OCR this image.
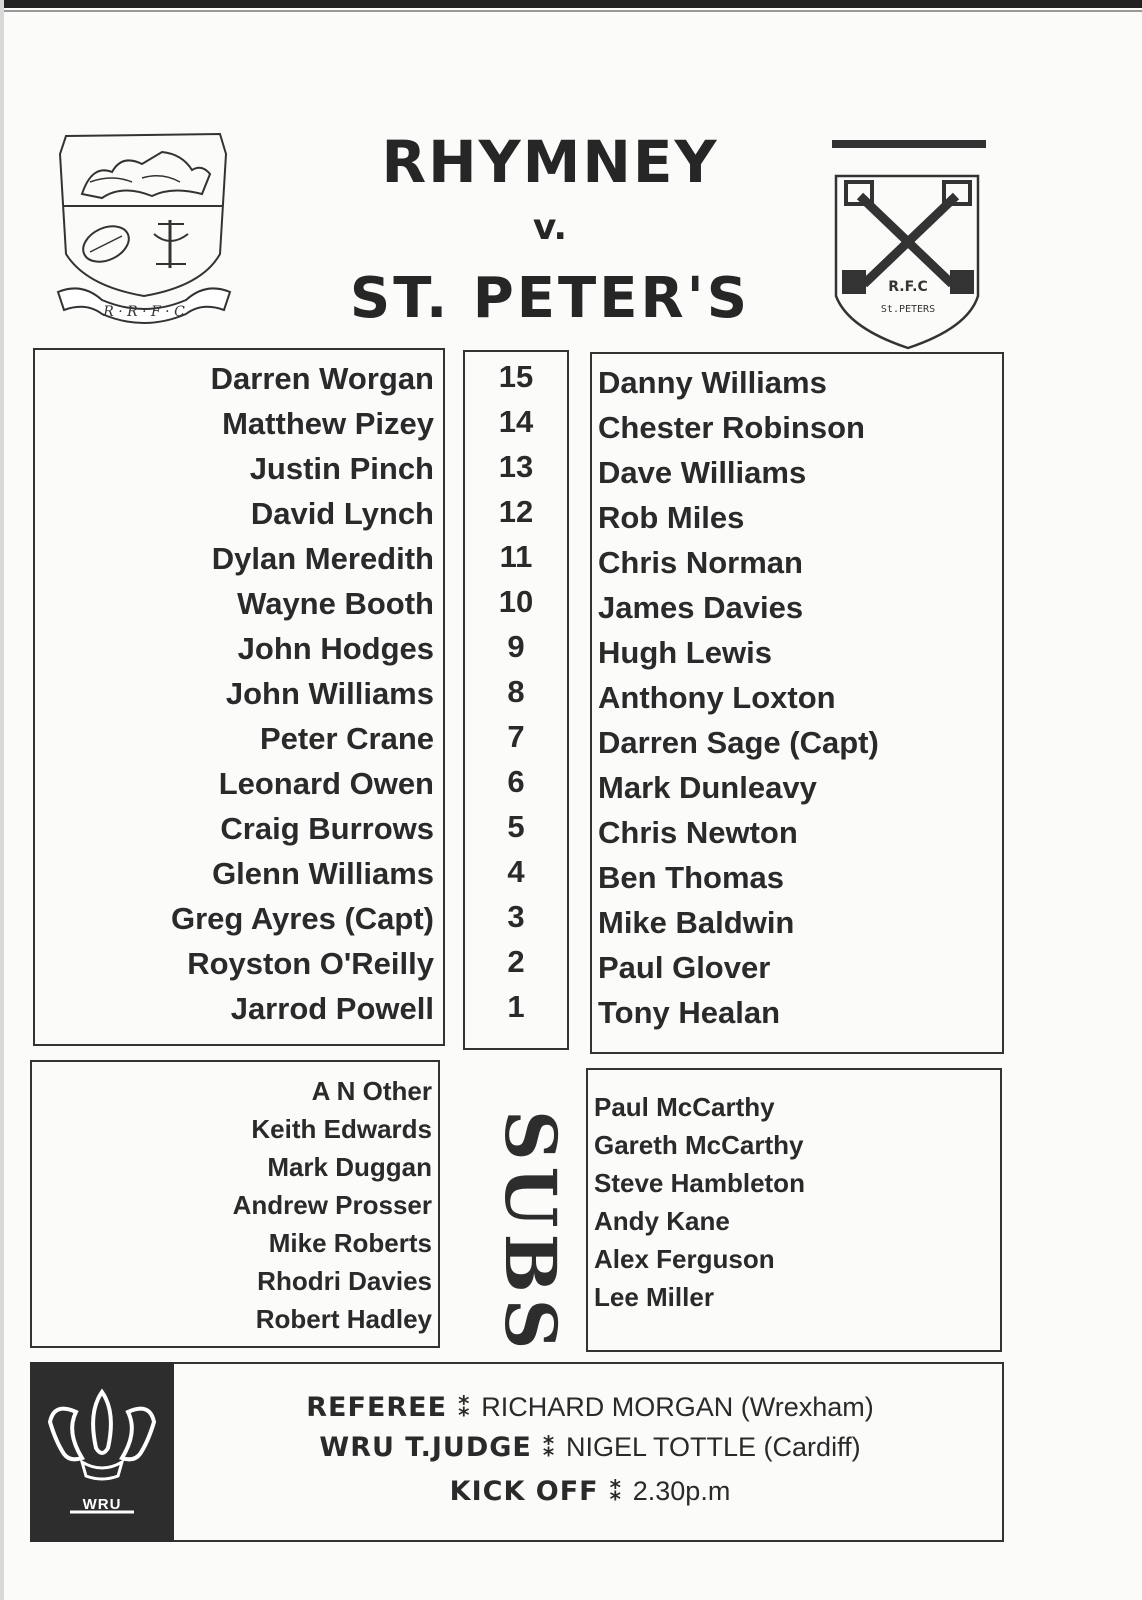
R · R · F · C
R.F.C
St.PETERS
RHYMNEY
v.
ST. PETER'S
Darren Worgan
Matthew Pizey
Justin Pinch
David Lynch
Dylan Meredith
Wayne Booth
John Hodges
John Williams
Peter Crane
Leonard Owen
Craig Burrows
Glenn Williams
Greg Ayres (Capt)
Royston O'Reilly
Jarrod Powell
15
14
13
12
11
10
9
8
7
6
5
4
3
2
1
Danny Williams
Chester Robinson
Dave Williams
Rob Miles
Chris Norman
James Davies
Hugh Lewis
Anthony Loxton
Darren Sage (Capt)
Mark Dunleavy
Chris Newton
Ben Thomas
Mike Baldwin
Paul Glover
Tony Healan
A N Other
Keith Edwards
Mark Duggan
Andrew Prosser
Mike Roberts
Rhodri Davies
Robert Hadley SUBS
Paul McCarthy
Gareth McCarthy
Steve Hambleton
Andy Kane
Alex Ferguson
Lee Miller
WRU
REFEREE ⁑ RICHARD MORGAN (Wrexham)
WRU T.JUDGE ⁑ NIGEL TOTTLE (Cardiff)
KICK OFF ⁑ 2.30p.m
